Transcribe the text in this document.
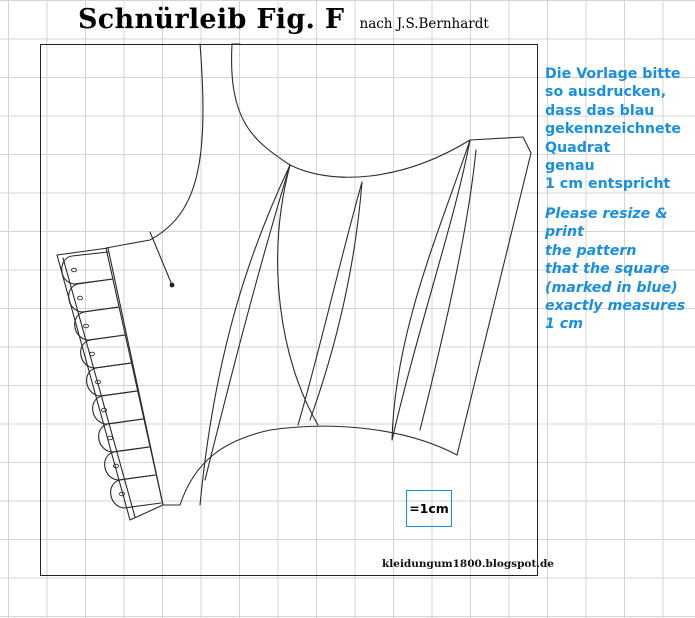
Schnürleib Fig. F nach J.S.Bernhardt
Die Vorlage bitte
so ausdrucken,
dass das blau
gekennzeichnete
Quadrat
genau
1 cm entspricht
Please resize &
print
the pattern
that the square
(marked in blue)
exactly measures
1 cm
=1cm
kleidungum1800.blogspot.de
